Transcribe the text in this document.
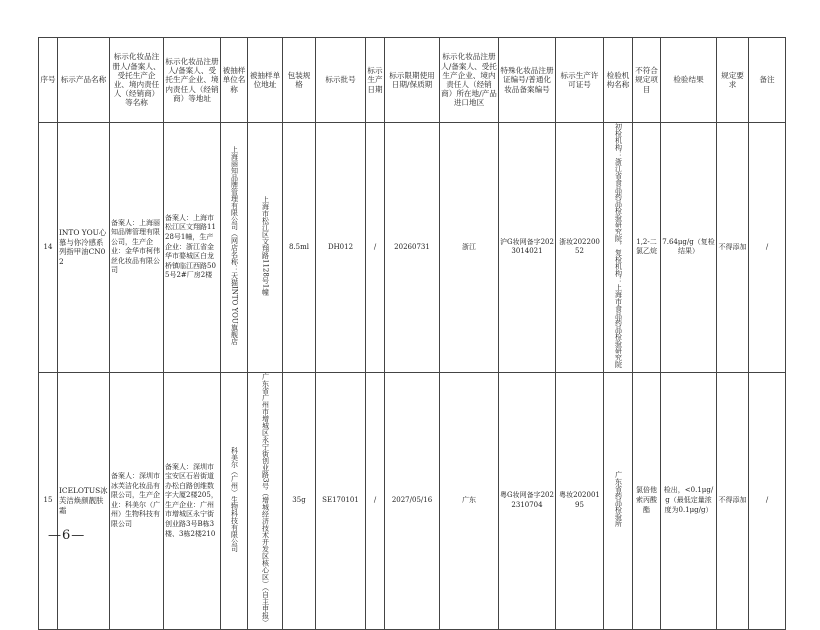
序号	标示产品名称	标示化妆品注册人/备案人、受托生产企业、境内责任人（经销商）等名称	标示化妆品注册人/备案人、受托生产企业、境内责任人（经销商）等地址	被抽样单位名称	被抽样单位地址	包装规格	标示批号	标示生产日期	标示限期使用日期/保质期	标示化妆品注册人/备案人、受托生产企业、境内责任人（经销商）所在地/产品进口地区	特殊化妆品注册证编号/普通化妆品备案编号	标示生产许可证号	检验机构名称	不符合规定项目	检验结果	规定要求	备注
14	INTO YOU心慕与你冷感系列指甲油CN02	备案人：上海丽知品牌管理有限公司，生产企业：金华市柯伟丝化妆品有限公司	备案人：上海市松江区文翔路1128号1幢，生产企业：浙江省金华市婺城区白龙桥镇临江西路505号2#厂房2楼	上海丽知品牌管理有限公司（网店名称：天猫INTO YOU旗舰店	上海市松江区文翔路1128号1幢	8.5ml	DH012	/	20260731	浙江	沪G妆网备字2023014021	浙妆20220052	初检机构：浙江省食品药品检验研究院，复检机构：上海市食品药品检验研究院	1,2-二氯乙烷	7.64μg/g（复检结果）	不得添加	/
15	ICELOTUS冰芙洁焕颜靓肤霜	备案人：深圳市冰芙洁化妆品有限公司，生产企业：科美尔（广州）生物科技有限公司	备案人：深圳市宝安区石岩街道办松白路创维数字大厦2楼205，生产企业：广州市增城区永宁街创业路3号B栋3楼、3栋2楼210	科美尔（广州）生物科技有限公司	广东省广州市增城区永宁街创业路3号（增城经济技术开发区核心区）（自主申报）	35g	SE170101	/	2027/05/16	广东	粤G妆网备字2022310704	粤妆20200195	广东省药品检验所	氯倍他索丙酸酯	检出，<0.1μg/g（最低定量浓度为0.1μg/g）	不得添加	/
—6—
